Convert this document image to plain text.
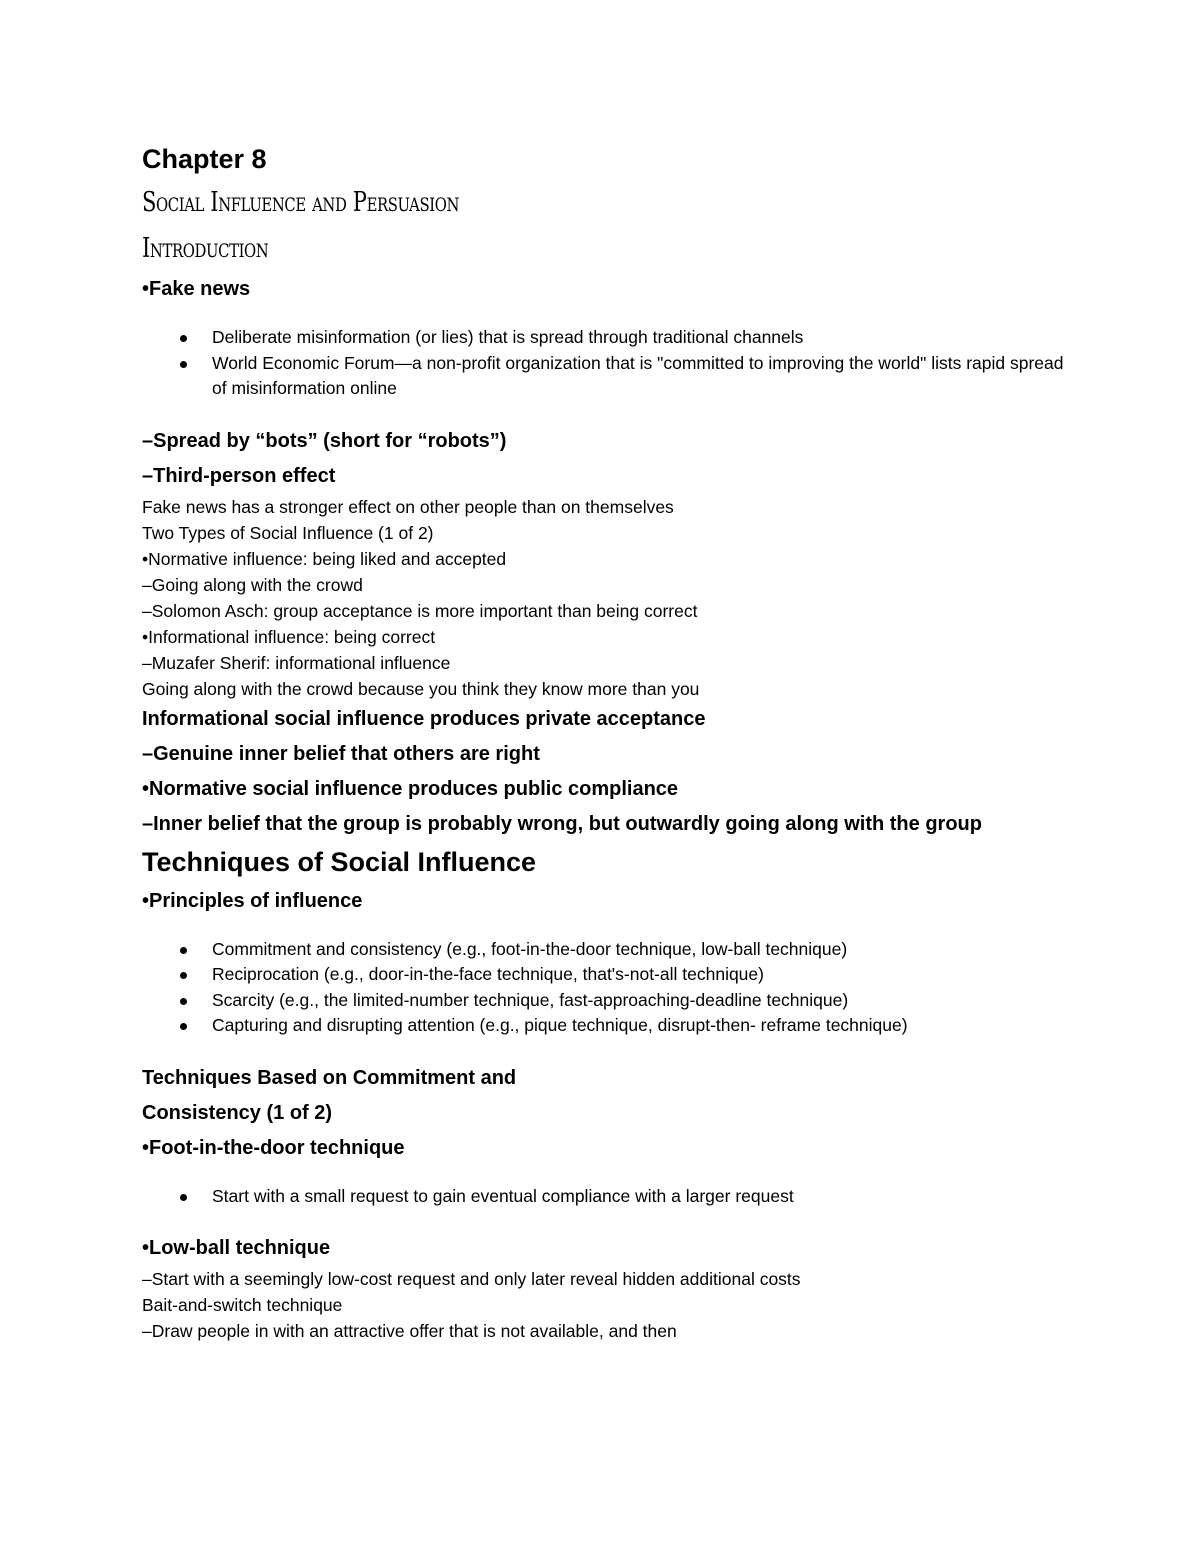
Chapter 8

Social Influence and Persuasion

Introduction

•Fake news

Deliberate misinformation (or lies) that is spread through traditional channels
World Economic Forum—a non-profit organization that is "committed to improving the world" lists rapid spread of misinformation online

–Spread by “bots” (short for “robots”)

–Third-person effect

Fake news has a stronger effect on other people than on themselves

Two Types of Social Influence (1 of 2)

•Normative influence: being liked and accepted

–Going along with the crowd

–Solomon Asch: group acceptance is more important than being correct

•Informational influence: being correct

–Muzafer Sherif: informational influence

Going along with the crowd because you think they know more than you

Informational social influence produces private acceptance

–Genuine inner belief that others are right

•Normative social influence produces public compliance

–Inner belief that the group is probably wrong, but outwardly going along with the group

Techniques of Social Influence

•Principles of influence

Commitment and consistency (e.g., foot-in-the-door technique, low-ball technique)
Reciprocation (e.g., door-in-the-face technique, that's-not-all technique)
Scarcity (e.g., the limited-number technique, fast-approaching-deadline technique)
Capturing and disrupting attention (e.g., pique technique, disrupt-then- reframe technique)

Techniques Based on Commitment and

Consistency (1 of 2)

•Foot-in-the-door technique

Start with a small request to gain eventual compliance with a larger request

•Low-ball technique

–Start with a seemingly low-cost request and only later reveal hidden additional costs

Bait-and-switch technique

–Draw people in with an attractive offer that is not available, and then
